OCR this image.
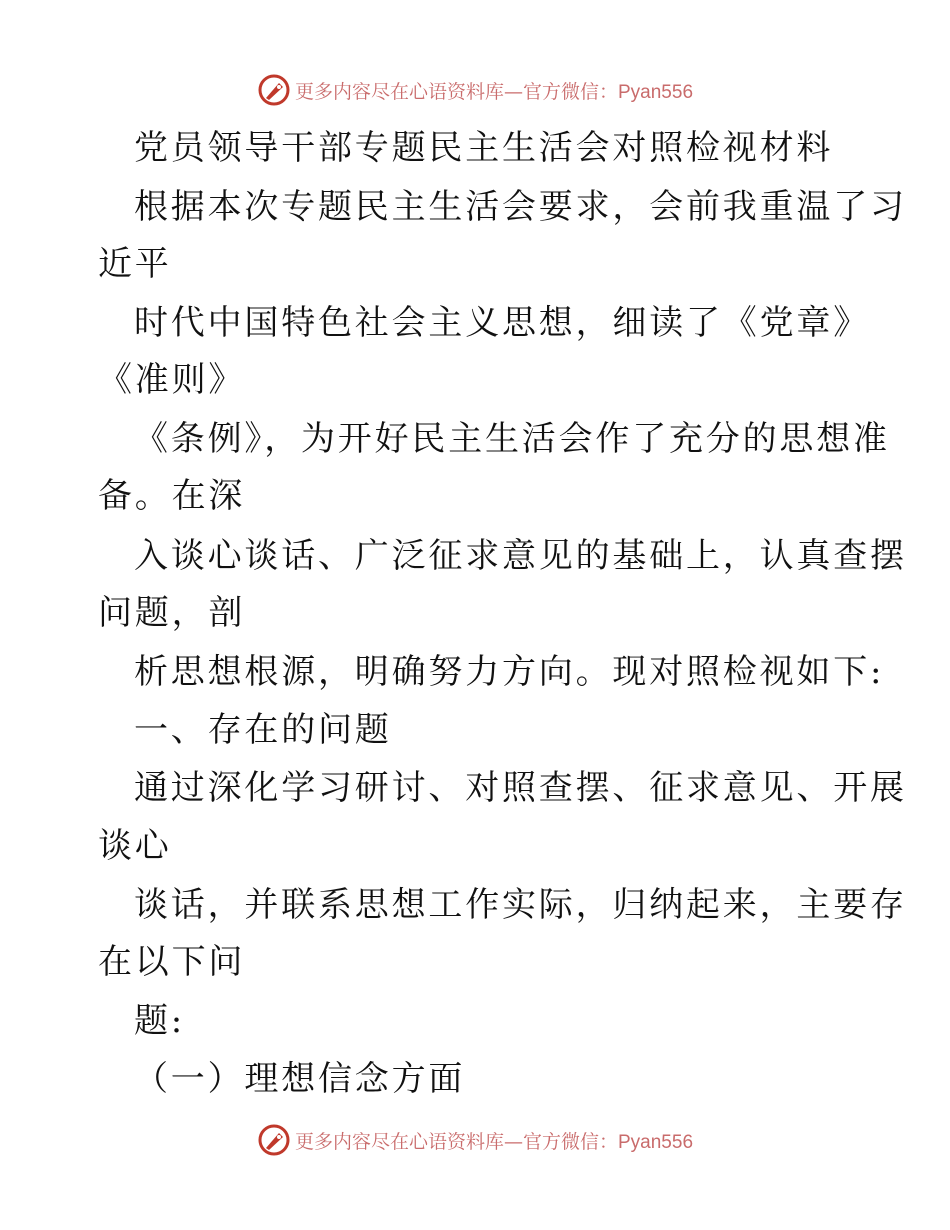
更多内容尽在心语资料库— 官方微信：Pyan556
党员领导干部专题民主生活会对照检视材料
根据本次专题民主生活会要求，会前我重温了习
近平
时代中国特色社会主义思想，细读了《党章》
《准则》
《条例》，为开好民主生活会作了充分的思想准
备。在深
入谈心谈话、广泛征求意见的基础上，认真查摆
问题，剖
析思想根源，明确努力方向。现对照检视如下:
一、存在的问题
通过深化学习研讨、对照查摆、征求意见、开展
谈心
谈话，并联系思想工作实际，归纳起来，主要存
在以下问
题:
（一）理想信念方面
更多内容尽在心语资料库— 官方微信：Pyan556
